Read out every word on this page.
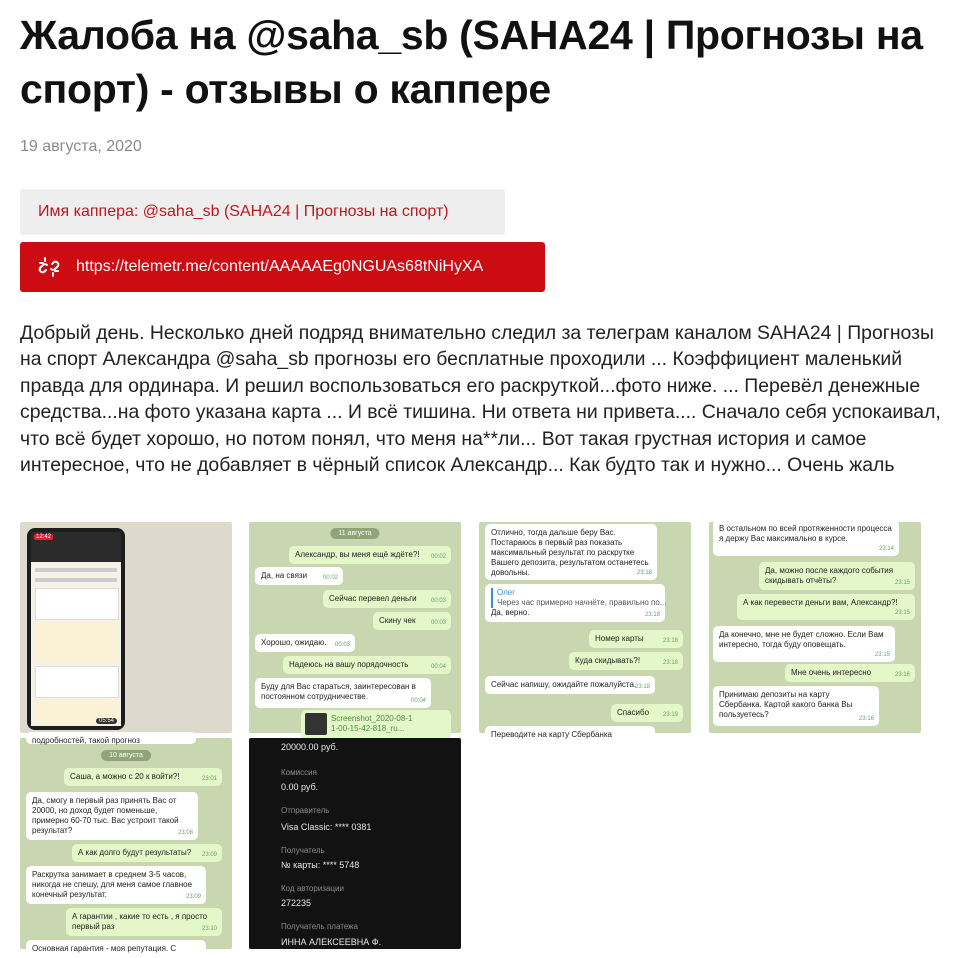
Жалоба на @saha_sb (SAHA24 | Прогнозы на спорт) - отзывы о каппере
19 августа, 2020
Имя каппера: @saha_sb (SAHA24 | Прогнозы на спорт)
https://telemetr.me/content/AAAAAEg0NGUAs68tNiHyXA

Добрый день. Несколько дней подряд внимательно следил за телеграм каналом SAHA24 | Прогнозы на спорт Александра @saha_sb прогнозы его бесплатные проходили ... Коэффициент маленький правда для ординара. И решил воспользоваться его раскруткой...фото ниже. ... Перевёл денежные средства...на фото указана карта ... И всё тишина. Ни ответа ни привета.... Сначало себя успокаивал, что всё будет хорошо, но потом понял, что меня на**ли... Вот такая грустная история и самое интересное, что не добавляет в чёрный список Александр... Как будто так и нужно... Очень жаль

12:42
05:54
11 августа
Александр, вы меня ещё ждёте?! 00:02
Да, на связи	00:02
Сейчас перевел деньги 00:03
Скину чек	00:03
Хорошо, ожидаю. 00:03
Надеюсь на вашу порядочность	00:04
Буду для Вас стараться, заинтересован в постоянном сотрудничестве.	00:04
Screenshot_2020-08-1
1-00-15-42-818_ru...
Отлично, тогда дальше беру Вас. Постараюсь в первый раз показать максимальный результат по раскрутке Вашего депозита, результатом останетесь довольны.	23:18
Олег
Через час примерно начнёте, правильно по...
Да, верно.	23:18
Номер карты	23:18
Куда скидывать?!	23:18
Сейчас напишу, ожидайте пожалуйста.
23:18
Спасибо 23:19
Переводите на карту Сбербанка
В остальном по всей протяженности процесса я держу Вас максимально в курсе.
23:14
Да, можно после каждого события скидывать отчёты?	23:15
А как перевести деньги вам, Александр?!
23:15
Да конечно, мне не будет сложно. Если Вам интересно, тогда буду оповещать.
23:15
Мне очень интересно	23:16
Принимаю депозиты на карту Сбербанка. Картой какого банка Вы пользуетесь?	23:16
подробностей, такой прогноз
10 августа
Саша, а можно с 20 к войти?!	23:01
Да, смогу в первый раз принять Вас от 20000, но доход будет поменьше, примерно 60-70 тыс. Вас устроит такой результат?	23:08
А как долго будут результаты? 23:09
Раскрутка занимает в среднем 3-5 часов, никогда не спешу, для меня самое главное конечный результат.	23:09
А гарантии , какие то есть , я просто первый раз	23:10
Основная гарантия - моя репутация. С
20000.00 руб.
Комиссия
0.00 руб.
Отправитель
Visa Classic: **** 0381
Получатель
№ карты: **** 5748
Код авторизации
272235
Получатель платежа
ИННА АЛЕКСЕЕВНА Ф.
